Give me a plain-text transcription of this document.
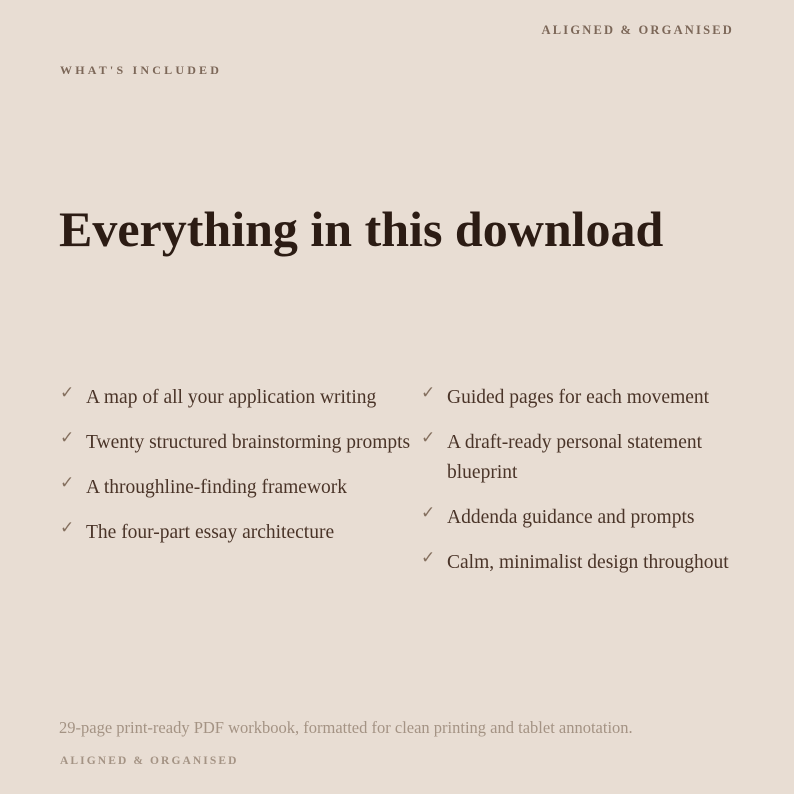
ALIGNED & ORGANISED
WHAT'S INCLUDED
Everything in this download
✓ A map of all your application writing
✓ Twenty structured brainstorming prompts
✓ A throughline-finding framework
✓ The four-part essay architecture
✓ Guided pages for each movement
✓ A draft-ready personal statement blueprint
✓ Addenda guidance and prompts
✓ Calm, minimalist design throughout
29-page print-ready PDF workbook, formatted for clean printing and tablet annotation.
ALIGNED & ORGANISED
